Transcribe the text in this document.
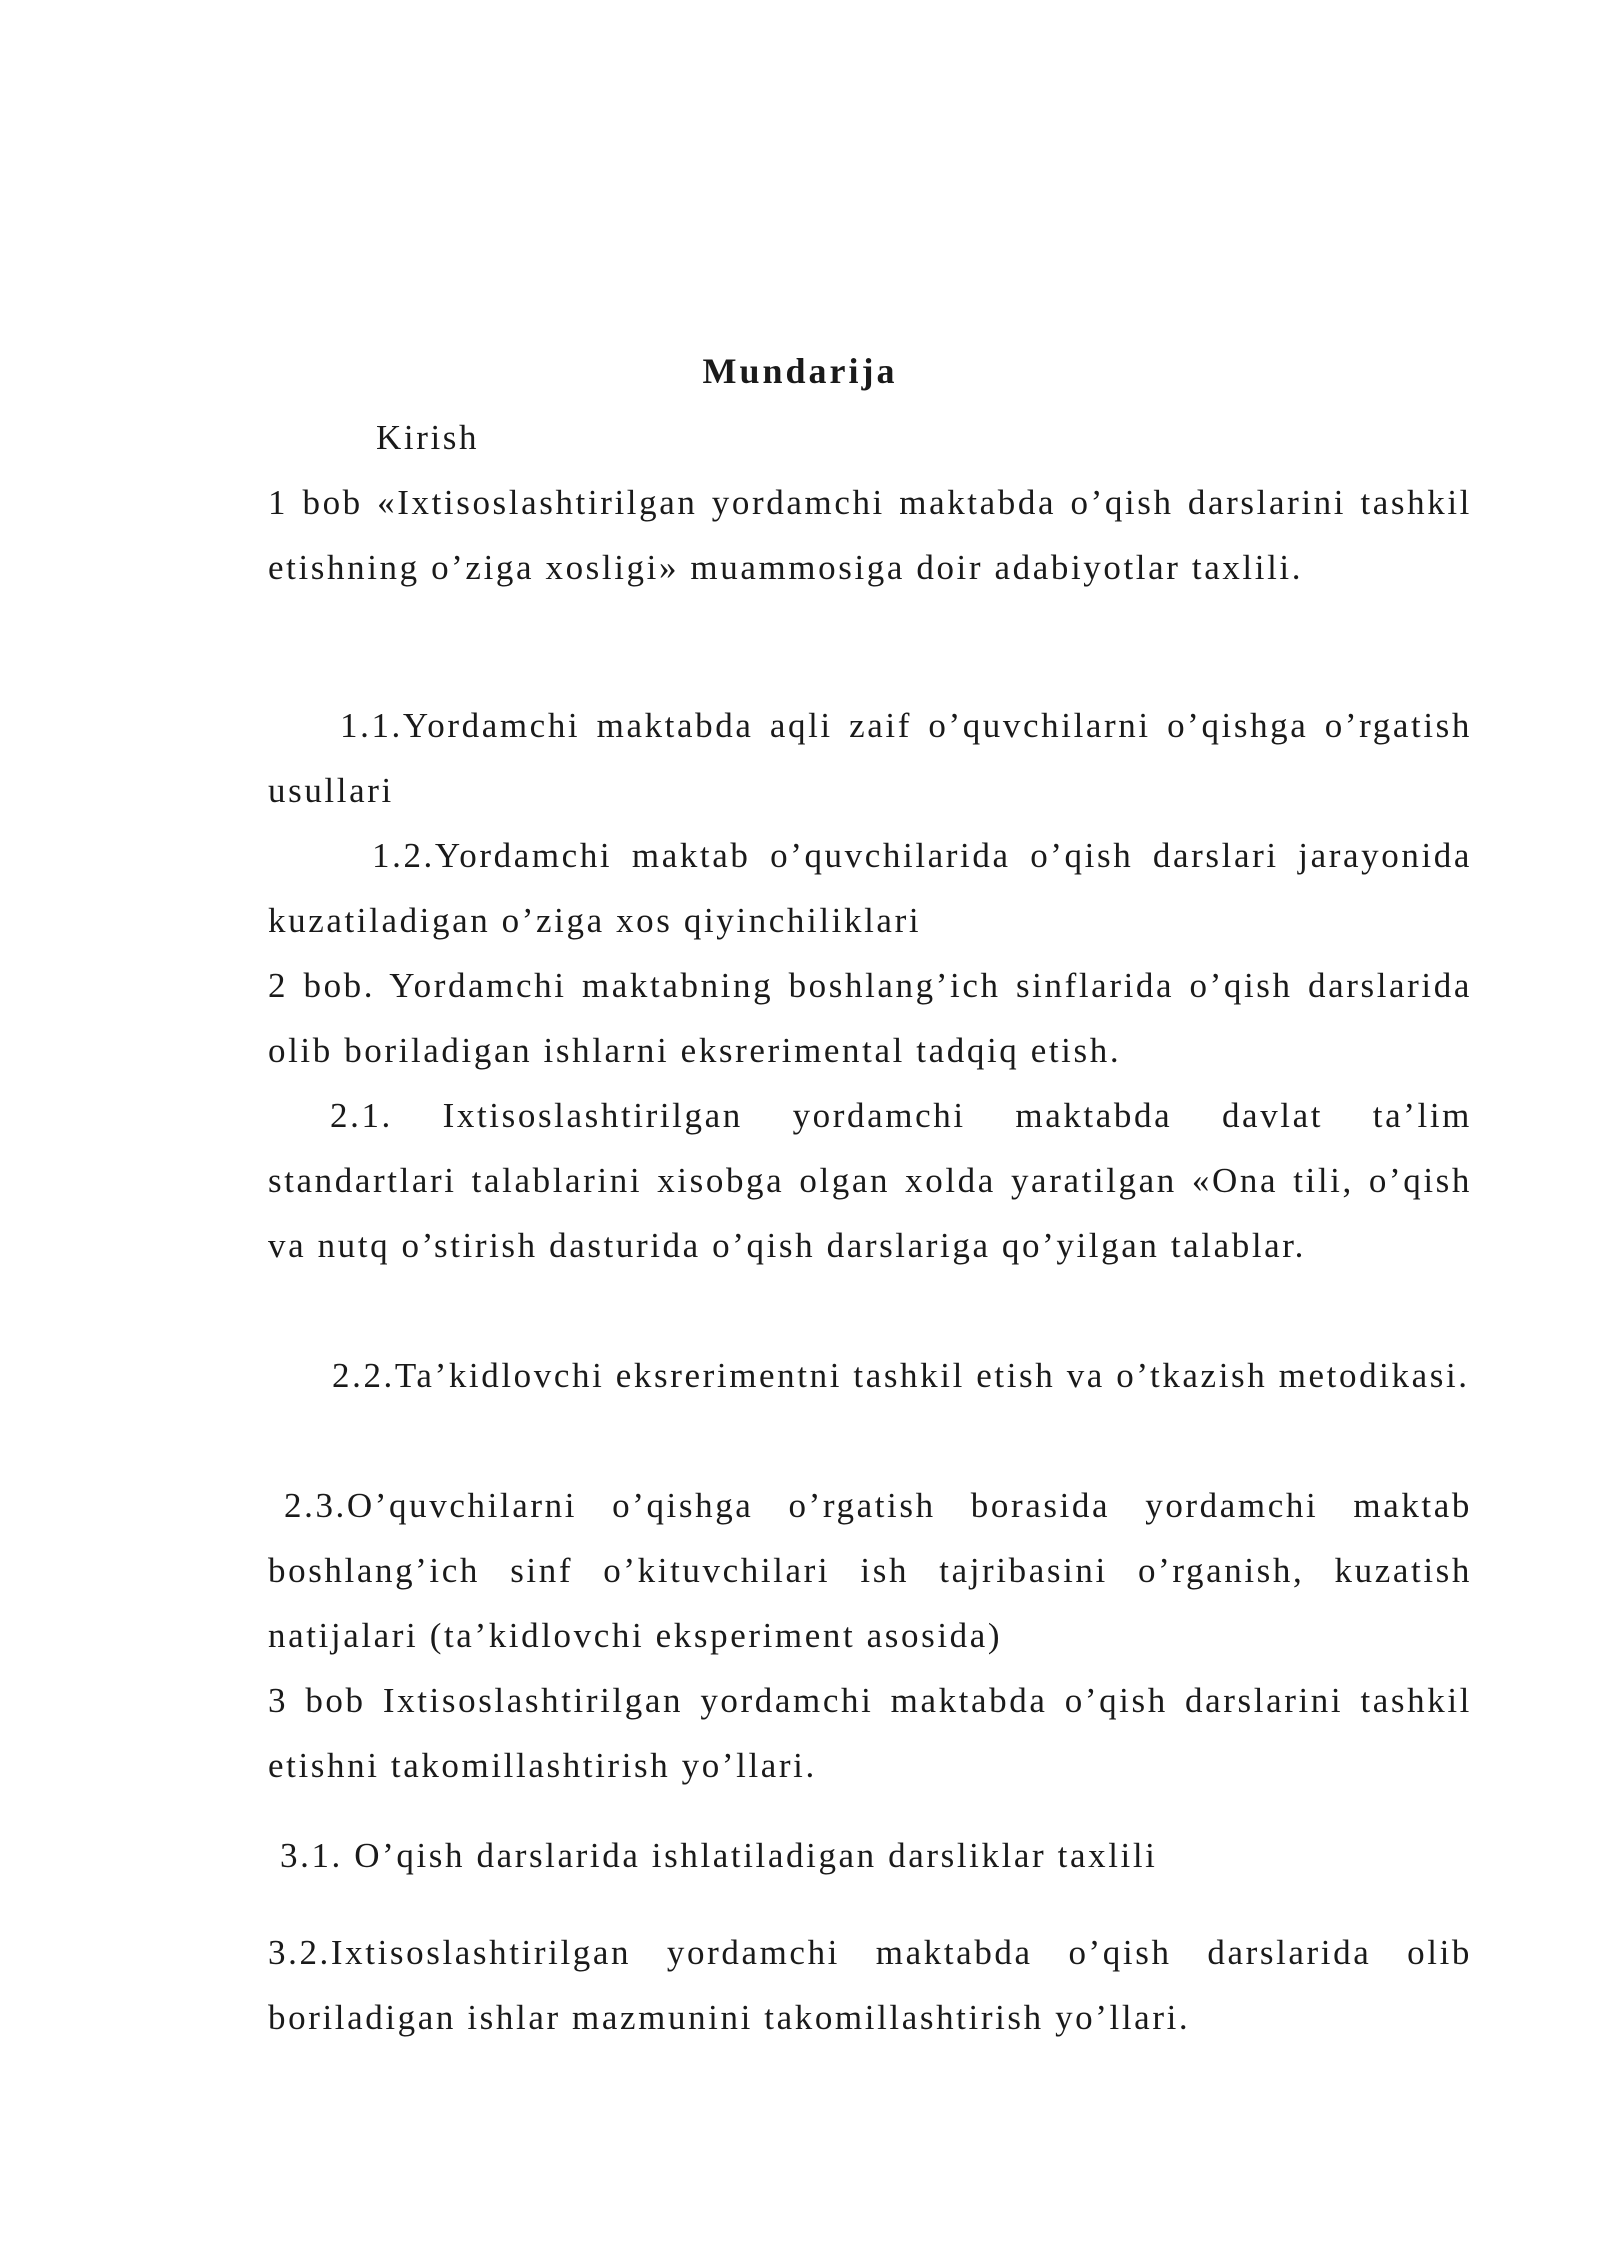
Mundarija

Kirish

1 bob «Ixtisoslashtirilgan yordamchi maktabda o’qish darslarini tashkil etishning o’ziga xosligi» muammosiga doir adabiyotlar taxlili.

1.1.Yordamchi maktabda aqli zaif o’quvchilarni o’qishga o’rgatish usullari

1.2.Yordamchi maktab o’quvchilarida o’qish darslari jarayonida kuzatiladigan o’ziga xos qiyinchiliklari

2 bob. Yordamchi maktabning boshlang’ich sinflarida o’qish darslarida olib boriladigan ishlarni eksrerimental tadqiq etish.

2.1. Ixtisoslashtirilgan yordamchi maktabda davlat ta’lim standartlari talablarini xisobga olgan xolda yaratilgan «Ona tili, o’qish va nutq o’stirish dasturida o’qish darslariga qo’yilgan talablar.

2.2.Ta’kidlovchi eksrerimentni tashkil etish va o’tkazish metodikasi.

2.3.O’quvchilarni o’qishga o’rgatish borasida yordamchi maktab boshlang’ich sinf o’kituvchilari ish tajribasini o’rganish, kuzatish natijalari (ta’kidlovchi eksperiment asosida)

3 bob Ixtisoslashtirilgan yordamchi maktabda o’qish darslarini tashkil etishni takomillashtirish yo’llari.

3.1. O’qish darslarida ishlatiladigan darsliklar taxlili

3.2.Ixtisoslashtirilgan yordamchi maktabda o’qish darslarida olib boriladigan ishlar mazmunini takomillashtirish yo’llari.
